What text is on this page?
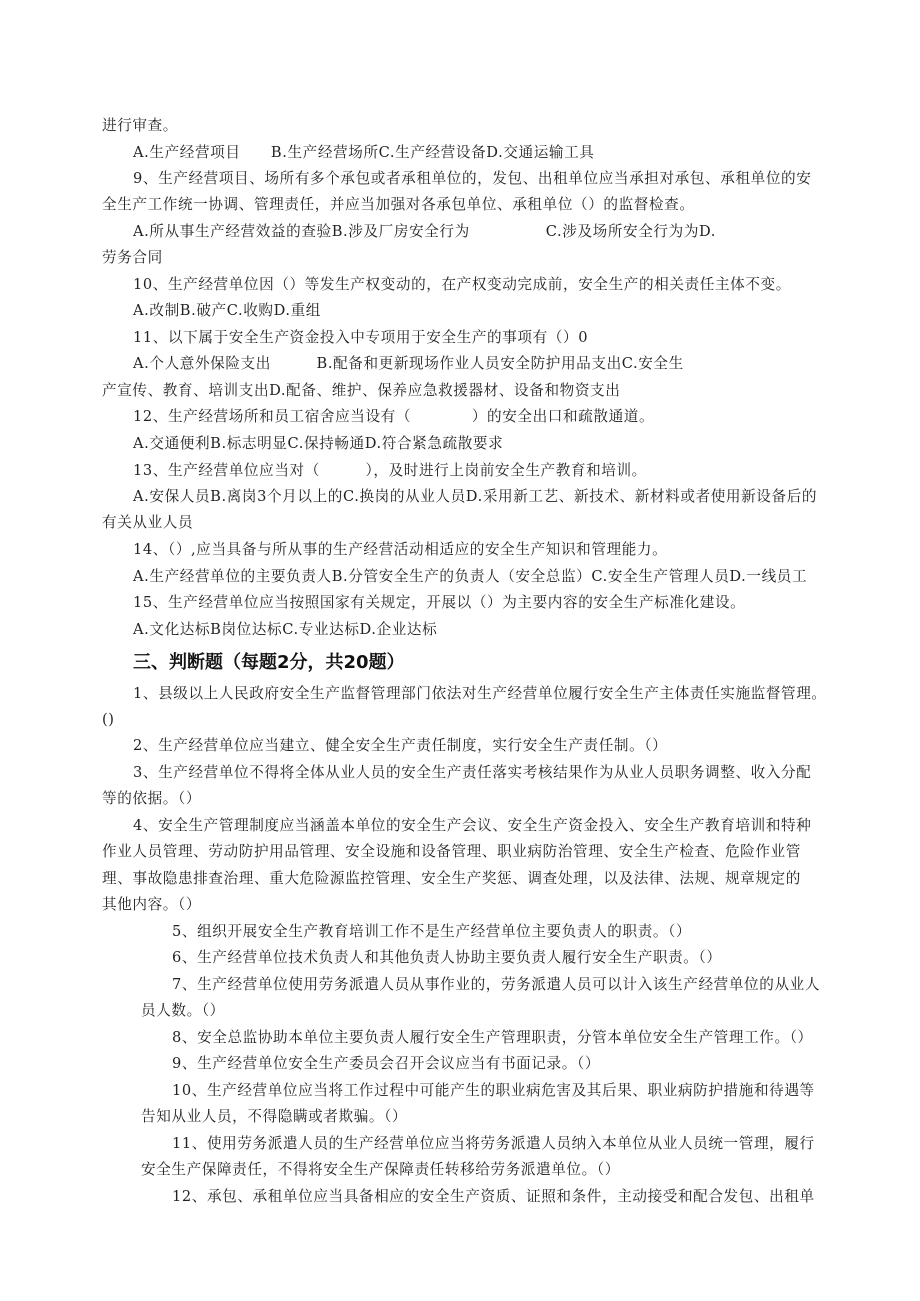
进行审查。
A.生产经营项目　　B.生产经营场所C.生产经营设备D.交通运输工具
9、生产经营项目、场所有多个承包或者承租单位的，发包、出租单位应当承担对承包、承租单位的安
全生产工作统一协调、管理责任，并应当加强对各承包单位、承租单位（）的监督检查。
A.所从事生产经营效益的查验B.涉及厂房安全行为　　　　　C.涉及场所安全行为为D.
劳务合同
10、生产经营单位因（）等发生产权变动的，在产权变动完成前，安全生产的相关责任主体不变。
A.改制B.破产C.收购D.重组
11、以下属于安全生产资金投入中专项用于安全生产的事项有（）0
A.个人意外保险支出　　　B.配备和更新现场作业人员安全防护用品支出C.安全生
产宣传、教育、培训支出D.配备、维护、保养应急救援器材、设备和物资支出
12、生产经营场所和员工宿舍应当设有（　　　　）的安全出口和疏散通道。
A.交通便利B.标志明显C.保持畅通D.符合紧急疏散要求
13、生产经营单位应当对（　　　），及时进行上岗前安全生产教育和培训。
A.安保人员B.离岗3个月以上的C.换岗的从业人员D.采用新工艺、新技术、新材料或者使用新设备后的
有关从业人员
14、（）,应当具备与所从事的生产经营活动相适应的安全生产知识和管理能力。
A.生产经营单位的主要负责人B.分管安全生产的负责人（安全总监）C.安全生产管理人员D.一线员工
15、生产经营单位应当按照国家有关规定，开展以（）为主要内容的安全生产标准化建设。
A.文化达标B岗位达标C.专业达标D.企业达标
三、判断题（每题2分，共20题）
1、县级以上人民政府安全生产监督管理部门依法对生产经营单位履行安全生产主体责任实施监督管理。
()
2、生产经营单位应当建立、健全安全生产责任制度，实行安全生产责任制。（）
3、生产经营单位不得将全体从业人员的安全生产责任落实考核结果作为从业人员职务调整、收入分配
等的依据。（）
4、安全生产管理制度应当涵盖本单位的安全生产会议、安全生产资金投入、安全生产教育培训和特种
作业人员管理、劳动防护用品管理、安全设施和设备管理、职业病防治管理、安全生产检查、危险作业管
理、事故隐患排查治理、重大危险源监控管理、安全生产奖惩、调查处理，以及法律、法规、规章规定的
其他内容。（）
5、组织开展安全生产教育培训工作不是生产经营单位主要负责人的职责。（）
6、生产经营单位技术负责人和其他负责人协助主要负责人履行安全生产职责。（）
7、生产经营单位使用劳务派遣人员从事作业的，劳务派遣人员可以计入该生产经营单位的从业人
员人数。（）
8、安全总监协助本单位主要负责人履行安全生产管理职责，分管本单位安全生产管理工作。（）
9、生产经营单位安全生产委员会召开会议应当有书面记录。（）
10、生产经营单位应当将工作过程中可能产生的职业病危害及其后果、职业病防护措施和待遇等
告知从业人员，不得隐瞒或者欺骗。（）
11、使用劳务派遣人员的生产经营单位应当将劳务派遣人员纳入本单位从业人员统一管理，履行
安全生产保障责任，不得将安全生产保障责任转移给劳务派遣单位。（）
12、承包、承租单位应当具备相应的安全生产资质、证照和条件，主动接受和配合发包、出租单
